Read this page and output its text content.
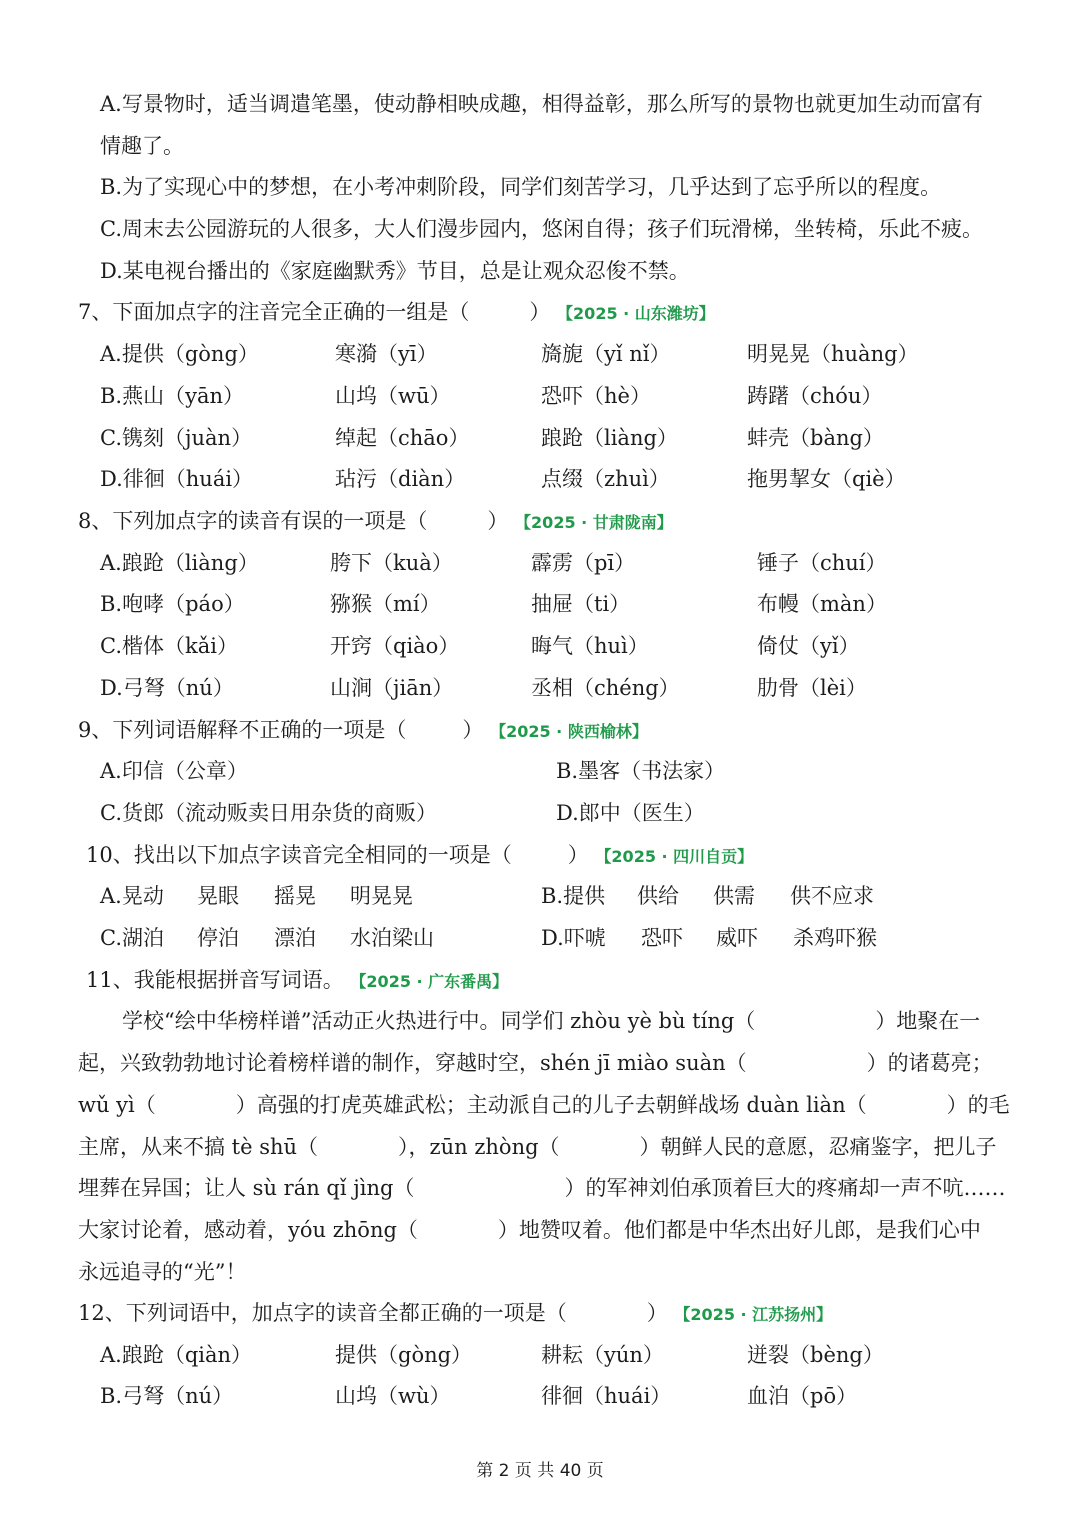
A.写景物时，适当调遣笔墨，使动静相映成趣，相得益彰，那么所写的景物也就更加生动而富有
情趣了。
B.为了实现心中的梦想，在小考冲刺阶段，同学们刻苦学习，几乎达到了忘乎所以的程度。
C.周末去公园游玩的人很多，大人们漫步园内，悠闲自得；孩子们玩滑梯，坐转椅，乐此不疲。
D.某电视台播出的《家庭幽默秀》节目，总是让观众忍俊不禁。
7、下面加点字的注音完全正确的一组是（	） 【2025 · 山东潍坊】
A.提供（gòng）	寒漪（yī）	旖旎（yǐ nǐ）	明晃晃（huàng）
B.燕山（yān）	山坞（wū）	恐吓（hè）	踌躇（chóu）
C.镌刻（juàn）	绰起（chāo）	踉跄（liàng）	蚌壳（bàng）
D.徘徊（huái）	玷污（diàn）	点缀（zhuì）	拖男挈女（qiè）
8、下列加点字的读音有误的一项是（	） 【2025 · 甘肃陇南】
A.踉跄（liàng）	胯下（kuà）	霹雳（pī）	锤子（chuí）
B.咆哮（páo）	猕猴（mí）	抽屉（ti）	布幔（màn）
C.楷体（kǎi）	开窍（qiào）	晦气（huì）	倚仗（yǐ）
D.弓弩（nú）	山涧（jiān）	丞相（chéng）	肋骨（lèi）
9、下列词语解释不正确的一项是（	） 【2025 · 陕西榆林】
A.印信（公章）	B.墨客（书法家）
C.货郎（流动贩卖日用杂货的商贩）	D.郎中（医生）
10、找出以下加点字读音完全相同的一项是（	） 【2025 · 四川自贡】
A.晃动 晃眼 摇晃 明晃晃	B.提供 供给 供需 供不应求
C.湖泊 停泊 漂泊 水泊梁山	D.吓唬 恐吓 威吓 杀鸡吓猴
11、我能根据拼音写词语。 【2025 · 广东番禺】
学校“绘中华榜样谱”活动正火热进行中。同学们 zhòu yè bù tíng（	）地聚在一
起，兴致勃勃地讨论着榜样谱的制作，穿越时空，shén jī miào suàn（	）的诸葛亮；
wǔ yì（	）高强的打虎英雄武松；主动派自己的儿子去朝鲜战场 duàn liàn（	）的毛
主席，从来不搞 tè shū（	），zūn zhòng（	）朝鲜人民的意愿，忍痛鉴字，把儿子
埋葬在异国；让人 sù rán qǐ jìng（	）的军神刘伯承顶着巨大的疼痛却一声不吭……
大家讨论着，感动着，yóu zhōng（	）地赞叹着。他们都是中华杰出好儿郎，是我们心中
永远追寻的“光”！
12、下列词语中，加点字的读音全都正确的一项是（	） 【2025 · 江苏扬州】
A.踉跄（qiàn）	提供（gòng）	耕耘（yún）	迸裂（bèng）
B.弓弩（nú）	山坞（wù）	徘徊（huái）	血泊（pō）
第 2 页 共 40 页
